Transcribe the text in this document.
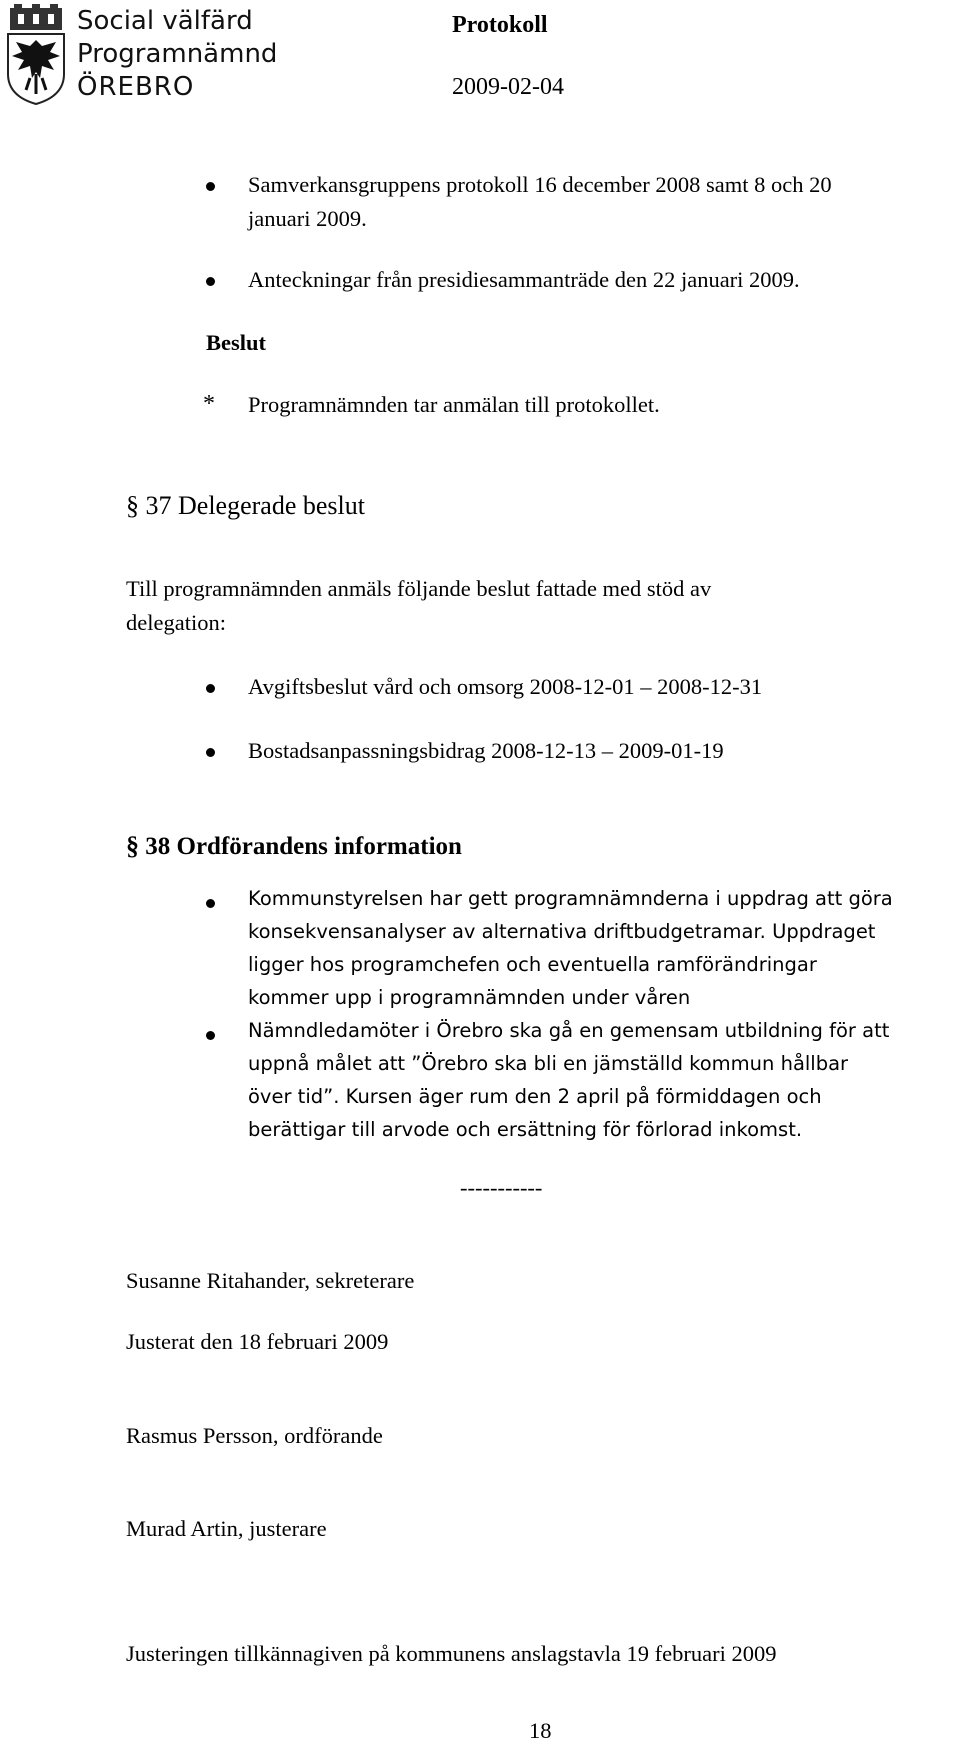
Social välfärd
Programnämnd
ÖREBRO
Protokoll
2009-02-04
Samverkansgruppens protokoll 16 december 2008 samt 8 och 20
januari 2009.
Anteckningar från presidiesammanträde den 22 januari 2009.
Beslut
* Programnämnden tar anmälan till protokollet.
§ 37 Delegerade beslut
Till programnämnden anmäls följande beslut fattade med stöd av
delegation:
Avgiftsbeslut vård och omsorg 2008-12-01 – 2008-12-31
Bostadsanpassningsbidrag 2008-12-13 – 2009-01-19
§ 38 Ordförandens information
Kommunstyrelsen har gett programnämnderna i uppdrag att göra
konsekvensanalyser av alternativa driftbudgetramar. Uppdraget
ligger hos programchefen och eventuella ramförändringar
kommer upp i programnämnden under våren
Nämndledamöter i Örebro ska gå en gemensam utbildning för att
uppnå målet att ”Örebro ska bli en jämställd kommun hållbar
över tid”. Kursen äger rum den 2 april på förmiddagen och
berättigar till arvode och ersättning för förlorad inkomst.
-----------
Susanne Ritahander, sekreterare
Justerat den 18 februari 2009
Rasmus Persson, ordförande
Murad Artin, justerare
Justeringen tillkännagiven på kommunens anslagstavla 19 februari 2009
18
